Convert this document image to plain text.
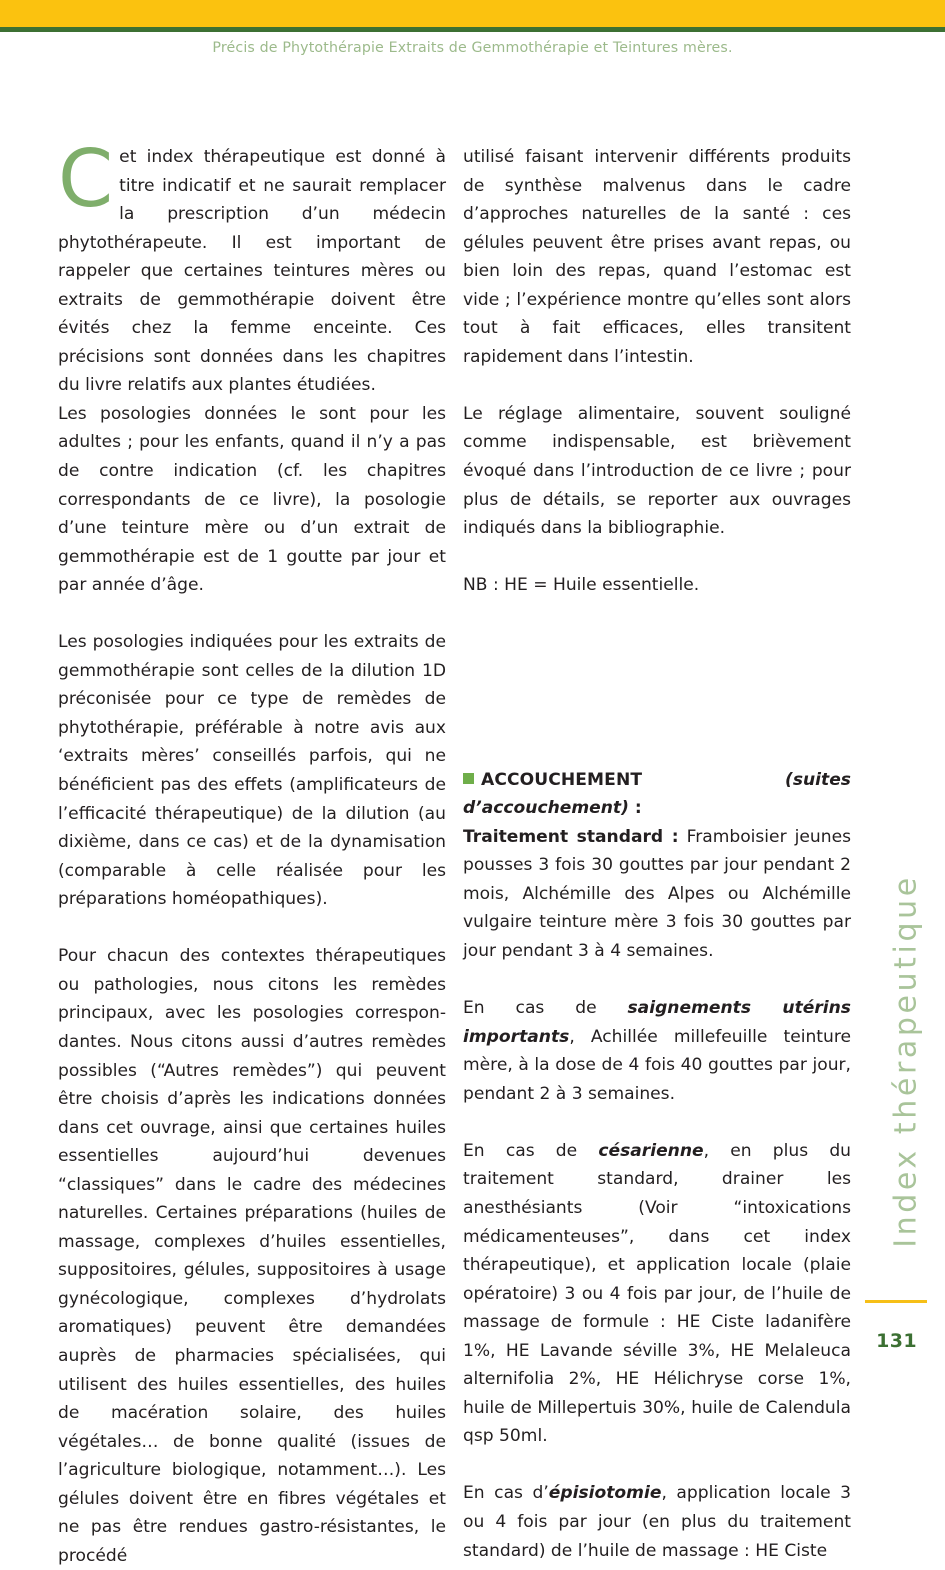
Précis de Phytothérapie Extraits de Gemmothérapie et Teintures mères.

Cet index thérapeutique est donné à titre indicatif et ne saurait remplacer la prescription d’un médecin phytothérapeute. Il est important de rappeler que certaines teintures mères ou extraits de gemmothérapie doivent être évités chez la femme enceinte. Ces précisions sont données dans les chapitres du livre relatifs aux plantes étudiées.

Les posologies données le sont pour les adultes ; pour les enfants, quand il n’y a pas de contre indication (cf. les chapitres correspondants de ce livre), la posologie d’une teinture mère ou d’un extrait de gemmothérapie est de 1 goutte par jour et par année d’âge.

Les posologies indiquées pour les extraits de gemmothérapie sont celles de la dilution 1D préconisée pour ce type de remèdes de phytothérapie, préférable à notre avis aux ‘extraits mères’ conseillés parfois, qui ne bénéficient pas des effets (amplificateurs de l’efficacité thérapeutique) de la dilution (au dixième, dans ce cas) et de la dynamisation (comparable à celle réalisée pour les préparations homéopathiques).

Pour chacun des contextes thérapeutiques ou pathologies, nous citons les remèdes principaux, avec les posologies correspon-dantes. Nous citons aussi d’autres remèdes possibles (“Autres remèdes”) qui peuvent être choisis d’après les indications données dans cet ouvrage, ainsi que certaines huiles essentielles aujourd’hui devenues “classiques” dans le cadre des médecines naturelles. Certaines préparations (huiles de massage, complexes d’huiles essentielles, suppositoires, gélules, suppositoires à usage gynécologique, complexes d’hydrolats aromatiques) peuvent être demandées auprès de pharmacies spécialisées, qui utilisent des huiles essentielles, des huiles de macération solaire, des huiles végétales… de bonne qualité (issues de l’agriculture biologique, notamment…). Les gélules doivent être en fibres végétales et ne pas être rendues gastro-résistantes, le procédé

utilisé faisant intervenir différents produits de synthèse malvenus dans le cadre d’approches naturelles de la santé : ces gélules peuvent être prises avant repas, ou bien loin des repas, quand l’estomac est vide ; l’expérience montre qu’elles sont alors tout à fait efficaces, elles transitent rapidement dans l’intestin.

Le réglage alimentaire, souvent souligné comme indispensable, est brièvement évoqué dans l’introduction de ce livre ; pour plus de détails, se reporter aux ouvrages indiqués dans la bibliographie.

NB : HE = Huile essentielle.

ACCOUCHEMENT	(suites d’accouchement) :
Traitement standard : Framboisier jeunes pousses 3 fois 30 gouttes par jour pendant 2 mois, Alchémille des Alpes ou Alchémille vulgaire teinture mère 3 fois 30 gouttes par jour pendant 3 à 4 semaines.

En cas de saignements utérins importants, Achillée millefeuille teinture mère, à la dose de 4 fois 40 gouttes par jour, pendant 2 à 3 semaines.

En cas de césarienne, en plus du traitement standard, drainer les anesthésiants (Voir “intoxications médicamenteuses”, dans cet index thérapeutique), et application locale (plaie opératoire) 3 ou 4 fois par jour, de l’huile de massage de formule : HE Ciste ladanifère 1%, HE Lavande séville 3%, HE Melaleuca alternifolia 2%, HE Hélichryse corse 1%, huile de Millepertuis 30%, huile de Calendula qsp 50ml.

En cas d’épisiotomie, application locale 3 ou 4 fois par jour (en plus du traitement standard) de l’huile de massage : HE Ciste

Index thérapeutique
131
